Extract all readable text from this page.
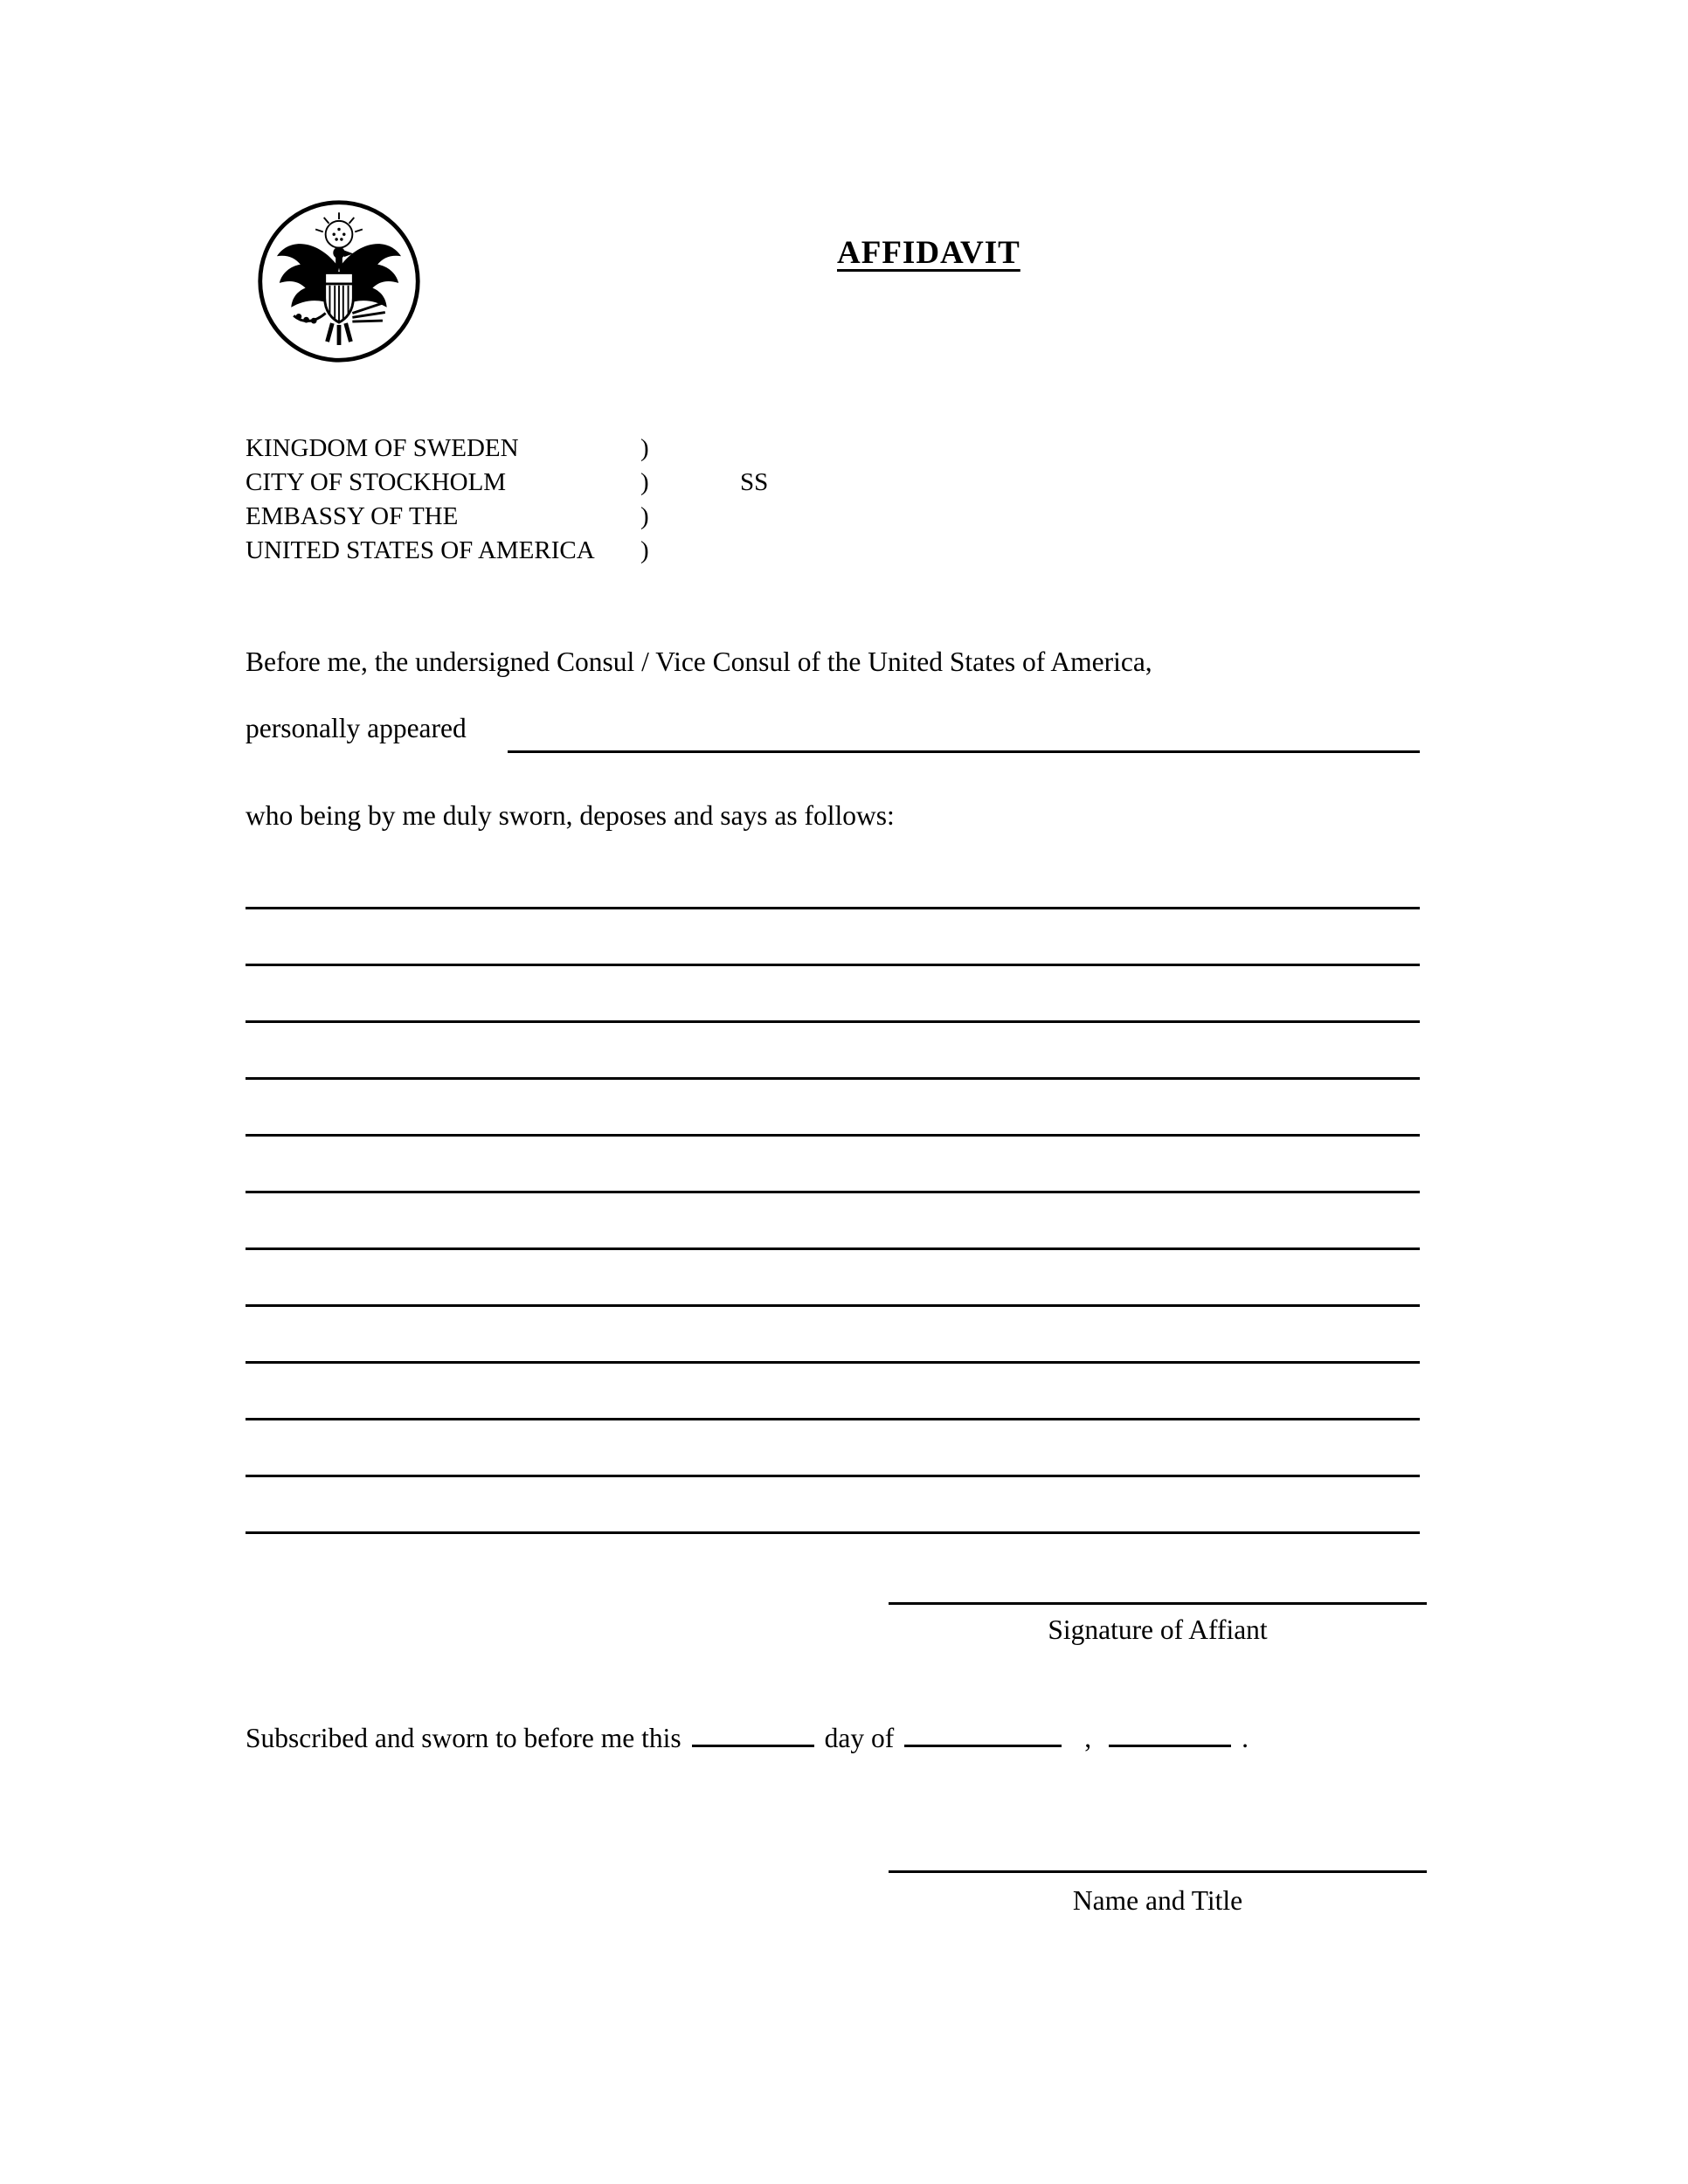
AFFIDAVIT
KINGDOM OF SWEDEN	)
CITY OF STOCKHOLM	)	SS
EMBASSY OF THE	)
UNITED STATES OF AMERICA )
Before me, the undersigned Consul / Vice Consul of the United States of America,
personally appeared
who being by me duly sworn, deposes and says as follows:
Signature of Affiant
Subscribed and sworn to before me this	day of	,	.
Name and Title
